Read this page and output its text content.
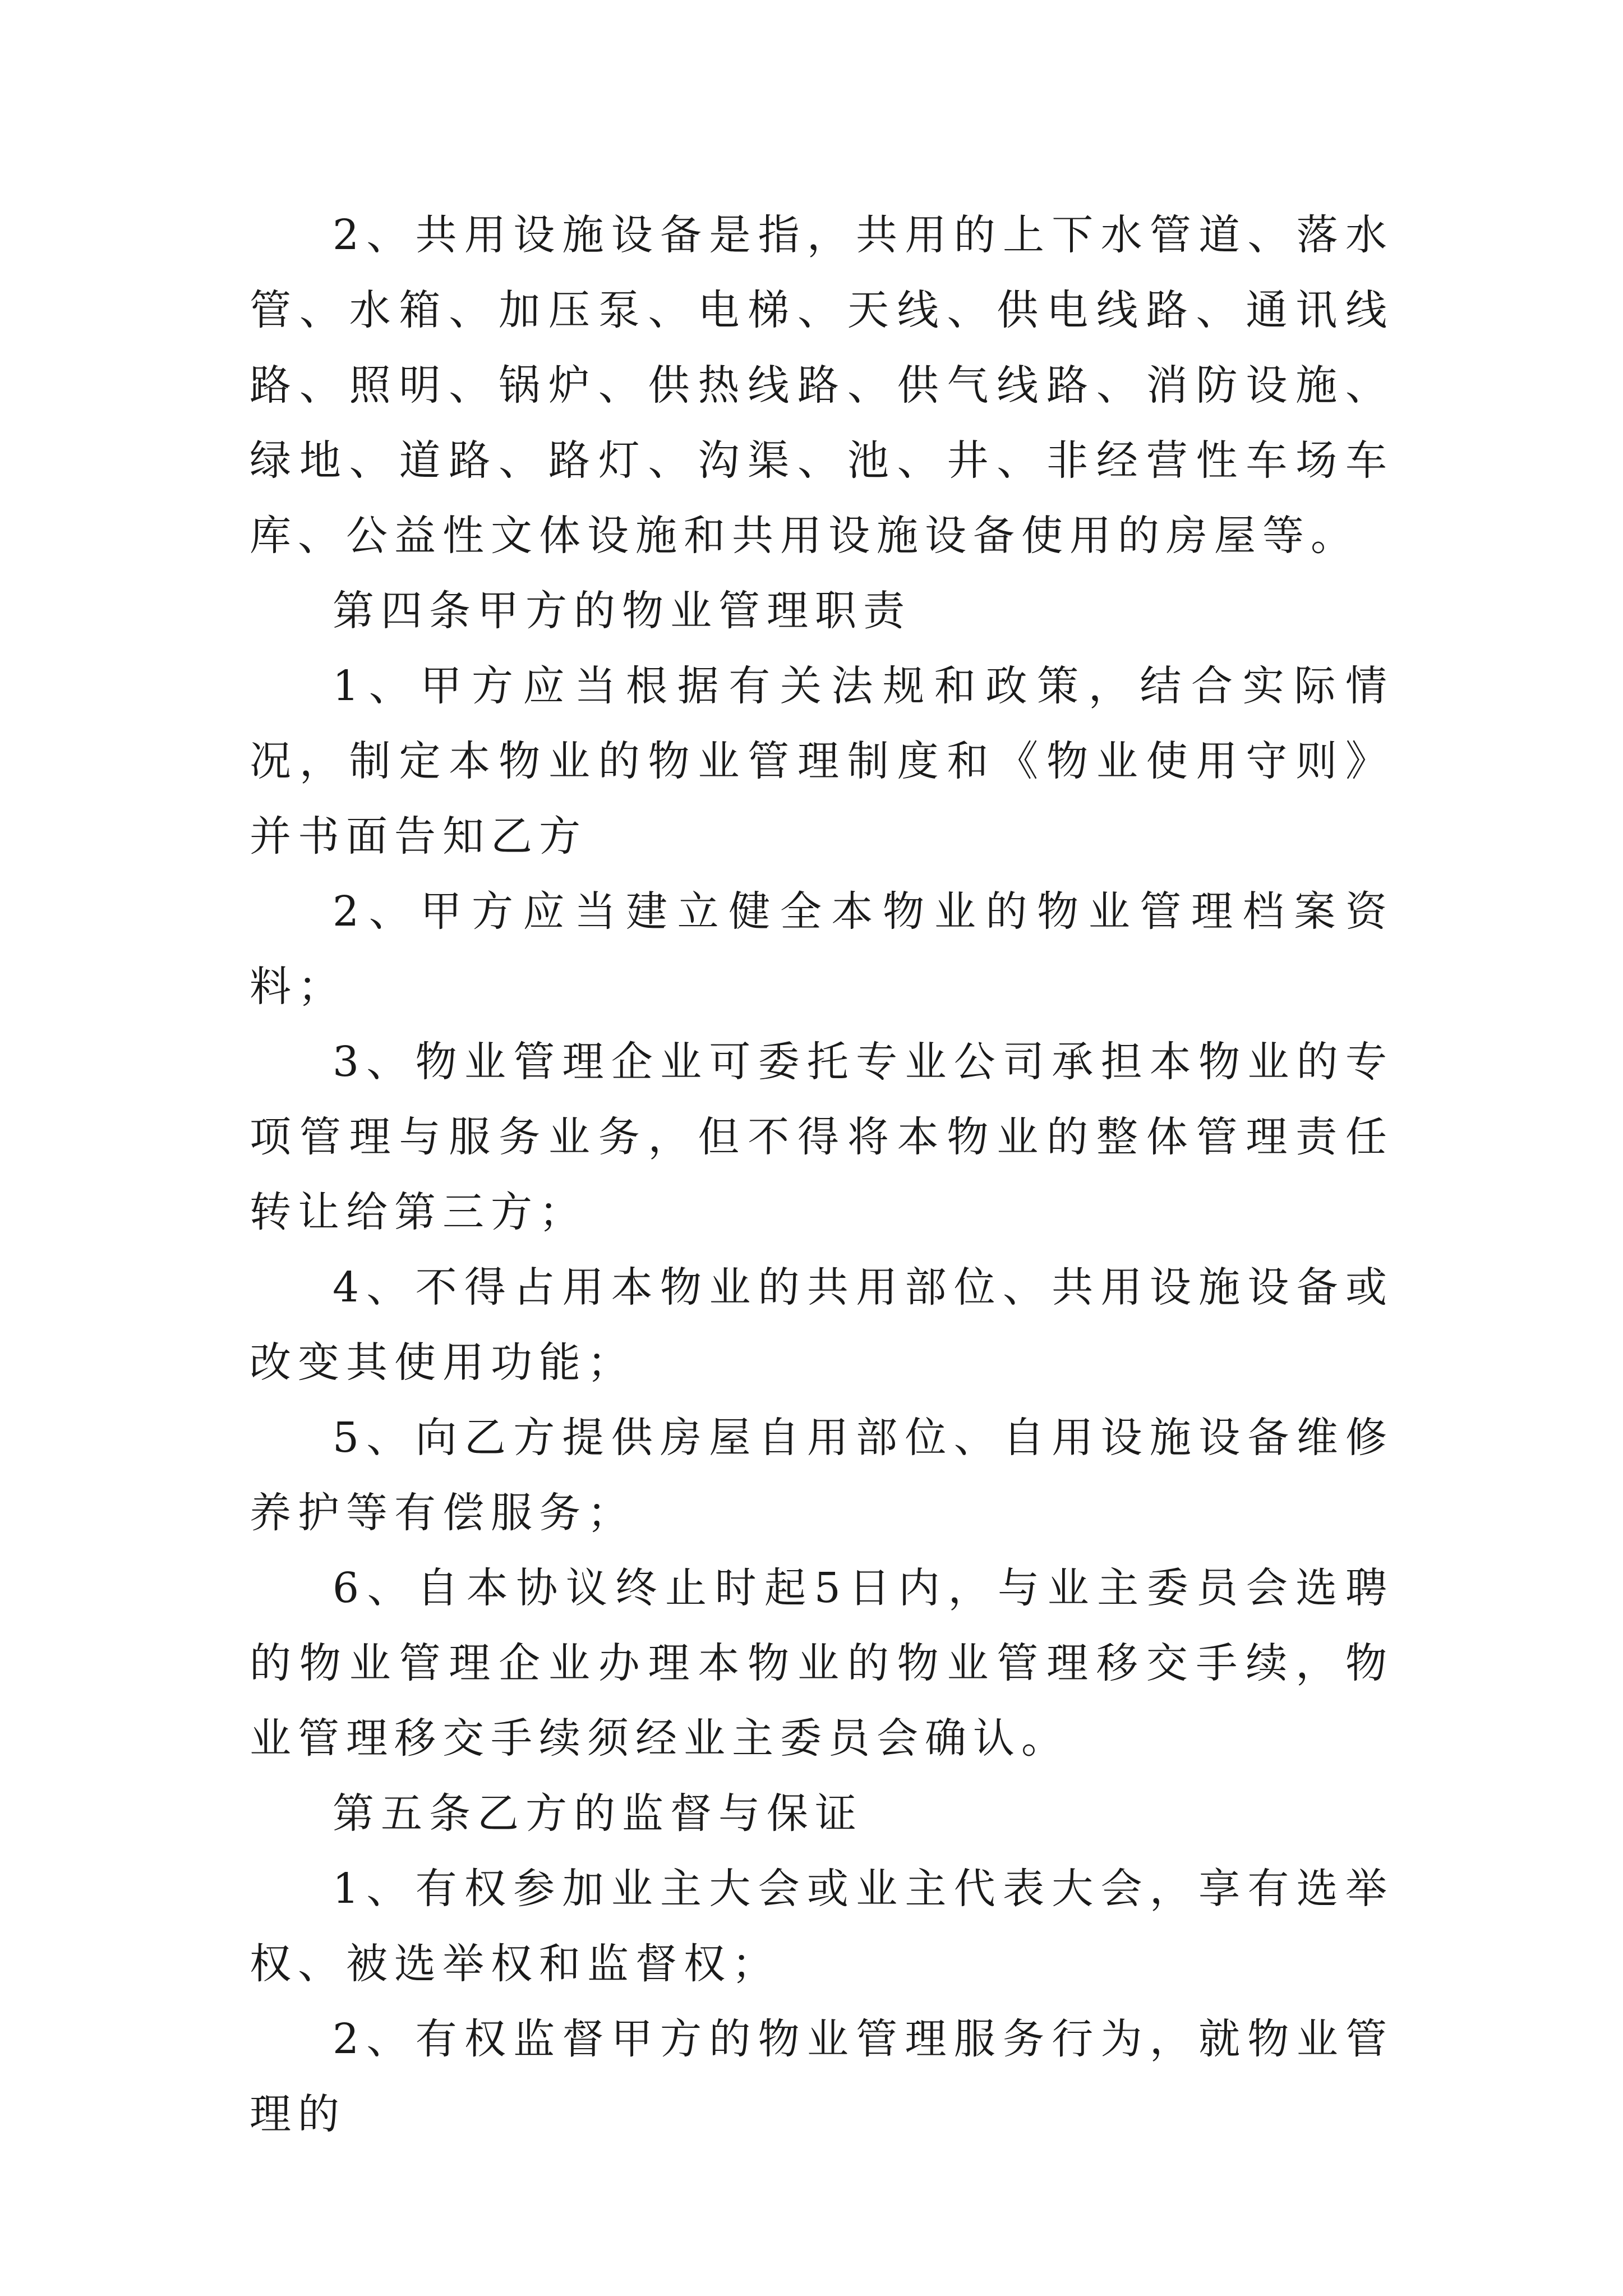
2、共用设施设备是指，共用的上下水管道、落水管、水箱、加压泵、电梯、天线、供电线路、通讯线路、照明、锅炉、供热线路、供气线路、消防设施、绿地、道路、路灯、沟渠、池、井、非经营性车场车库、公益性文体设施和共用设施设备使用的房屋等。

第四条甲方的物业管理职责

1、甲方应当根据有关法规和政策，结合实际情况，制定本物业的物业管理制度和《物业使用守则》并书面告知乙方

2、甲方应当建立健全本物业的物业管理档案资料；

3、物业管理企业可委托专业公司承担本物业的专项管理与服务业务，但不得将本物业的整体管理责任转让给第三方；

4、不得占用本物业的共用部位、共用设施设备或改变其使用功能；

5、向乙方提供房屋自用部位、自用设施设备维修养护等有偿服务；

6、自本协议终止时起5日内，与业主委员会选聘的物业管理企业办理本物业的物业管理移交手续，物业管理移交手续须经业主委员会确认。

第五条乙方的监督与保证

1、有权参加业主大会或业主代表大会，享有选举权、被选举权和监督权；

2、有权监督甲方的物业管理服务行为，就物业管理的
